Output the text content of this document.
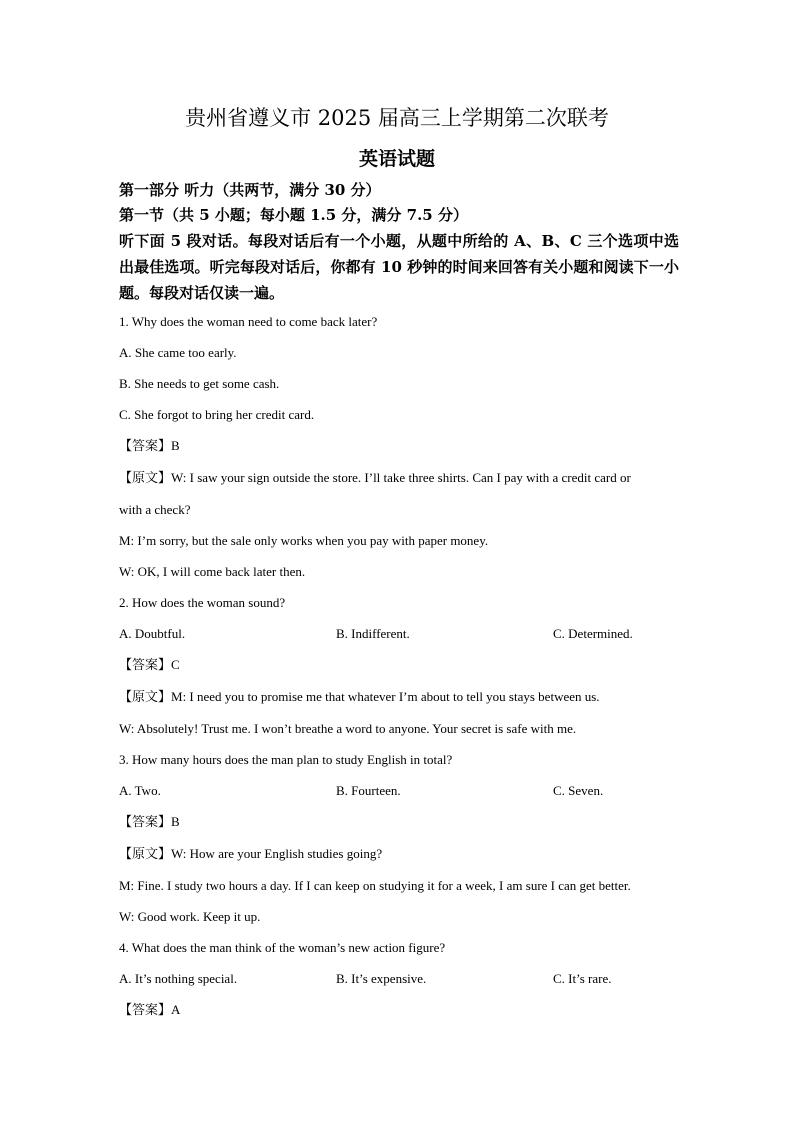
贵州省遵义市 2025 届高三上学期第二次联考
英语试题

第一部分 听力（共两节，满分 30 分）

第一节（共 5 小题；每小题 1.5 分，满分 7.5 分）

听下面 5 段对话。每段对话后有一个小题，从题中所给的 A、B、C 三个选项中选出最佳选项。听完每段对话后，你都有 10 秒钟的时间来回答有关小题和阅读下一小题。每段对话仅读一遍。

1. Why does the woman need to come back later?

A. She came too early.

B. She needs to get some cash.

C. She forgot to bring her credit card.

【答案】B

【原文】W: I saw your sign outside the store. I’ll take three shirts. Can I pay with a credit card or

with a check?

M: I’m sorry, but the sale only works when you pay with paper money.

W: OK, I will come back later then.

2. How does the woman sound?

A. Doubtful.	B. Indifferent.	C. Determined.

【答案】C

【原文】M: I need you to promise me that whatever I’m about to tell you stays between us.

W: Absolutely! Trust me. I won’t breathe a word to anyone. Your secret is safe with me.

3. How many hours does the man plan to study English in total?

A. Two.	B. Fourteen.	C. Seven.

【答案】B

【原文】W: How are your English studies going?

M: Fine. I study two hours a day. If I can keep on studying it for a week, I am sure I can get better.

W: Good work. Keep it up.

4. What does the man think of the woman’s new action figure?

A. It’s nothing special.	B. It’s expensive.	C. It’s rare.

【答案】A
